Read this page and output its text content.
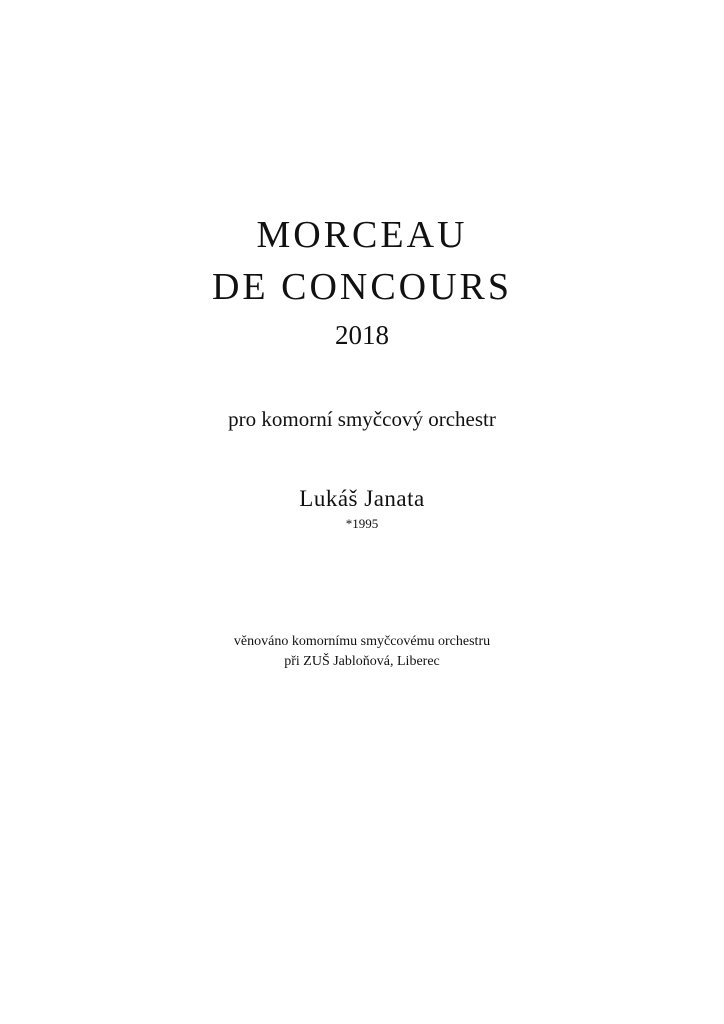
MORCEAU
DE CONCOURS
2018
pro komorní smyčcový orchestr
Lukáš Janata
*1995
věnováno komornímu smyčcovému orchestru
při ZUŠ Jabloňová, Liberec
